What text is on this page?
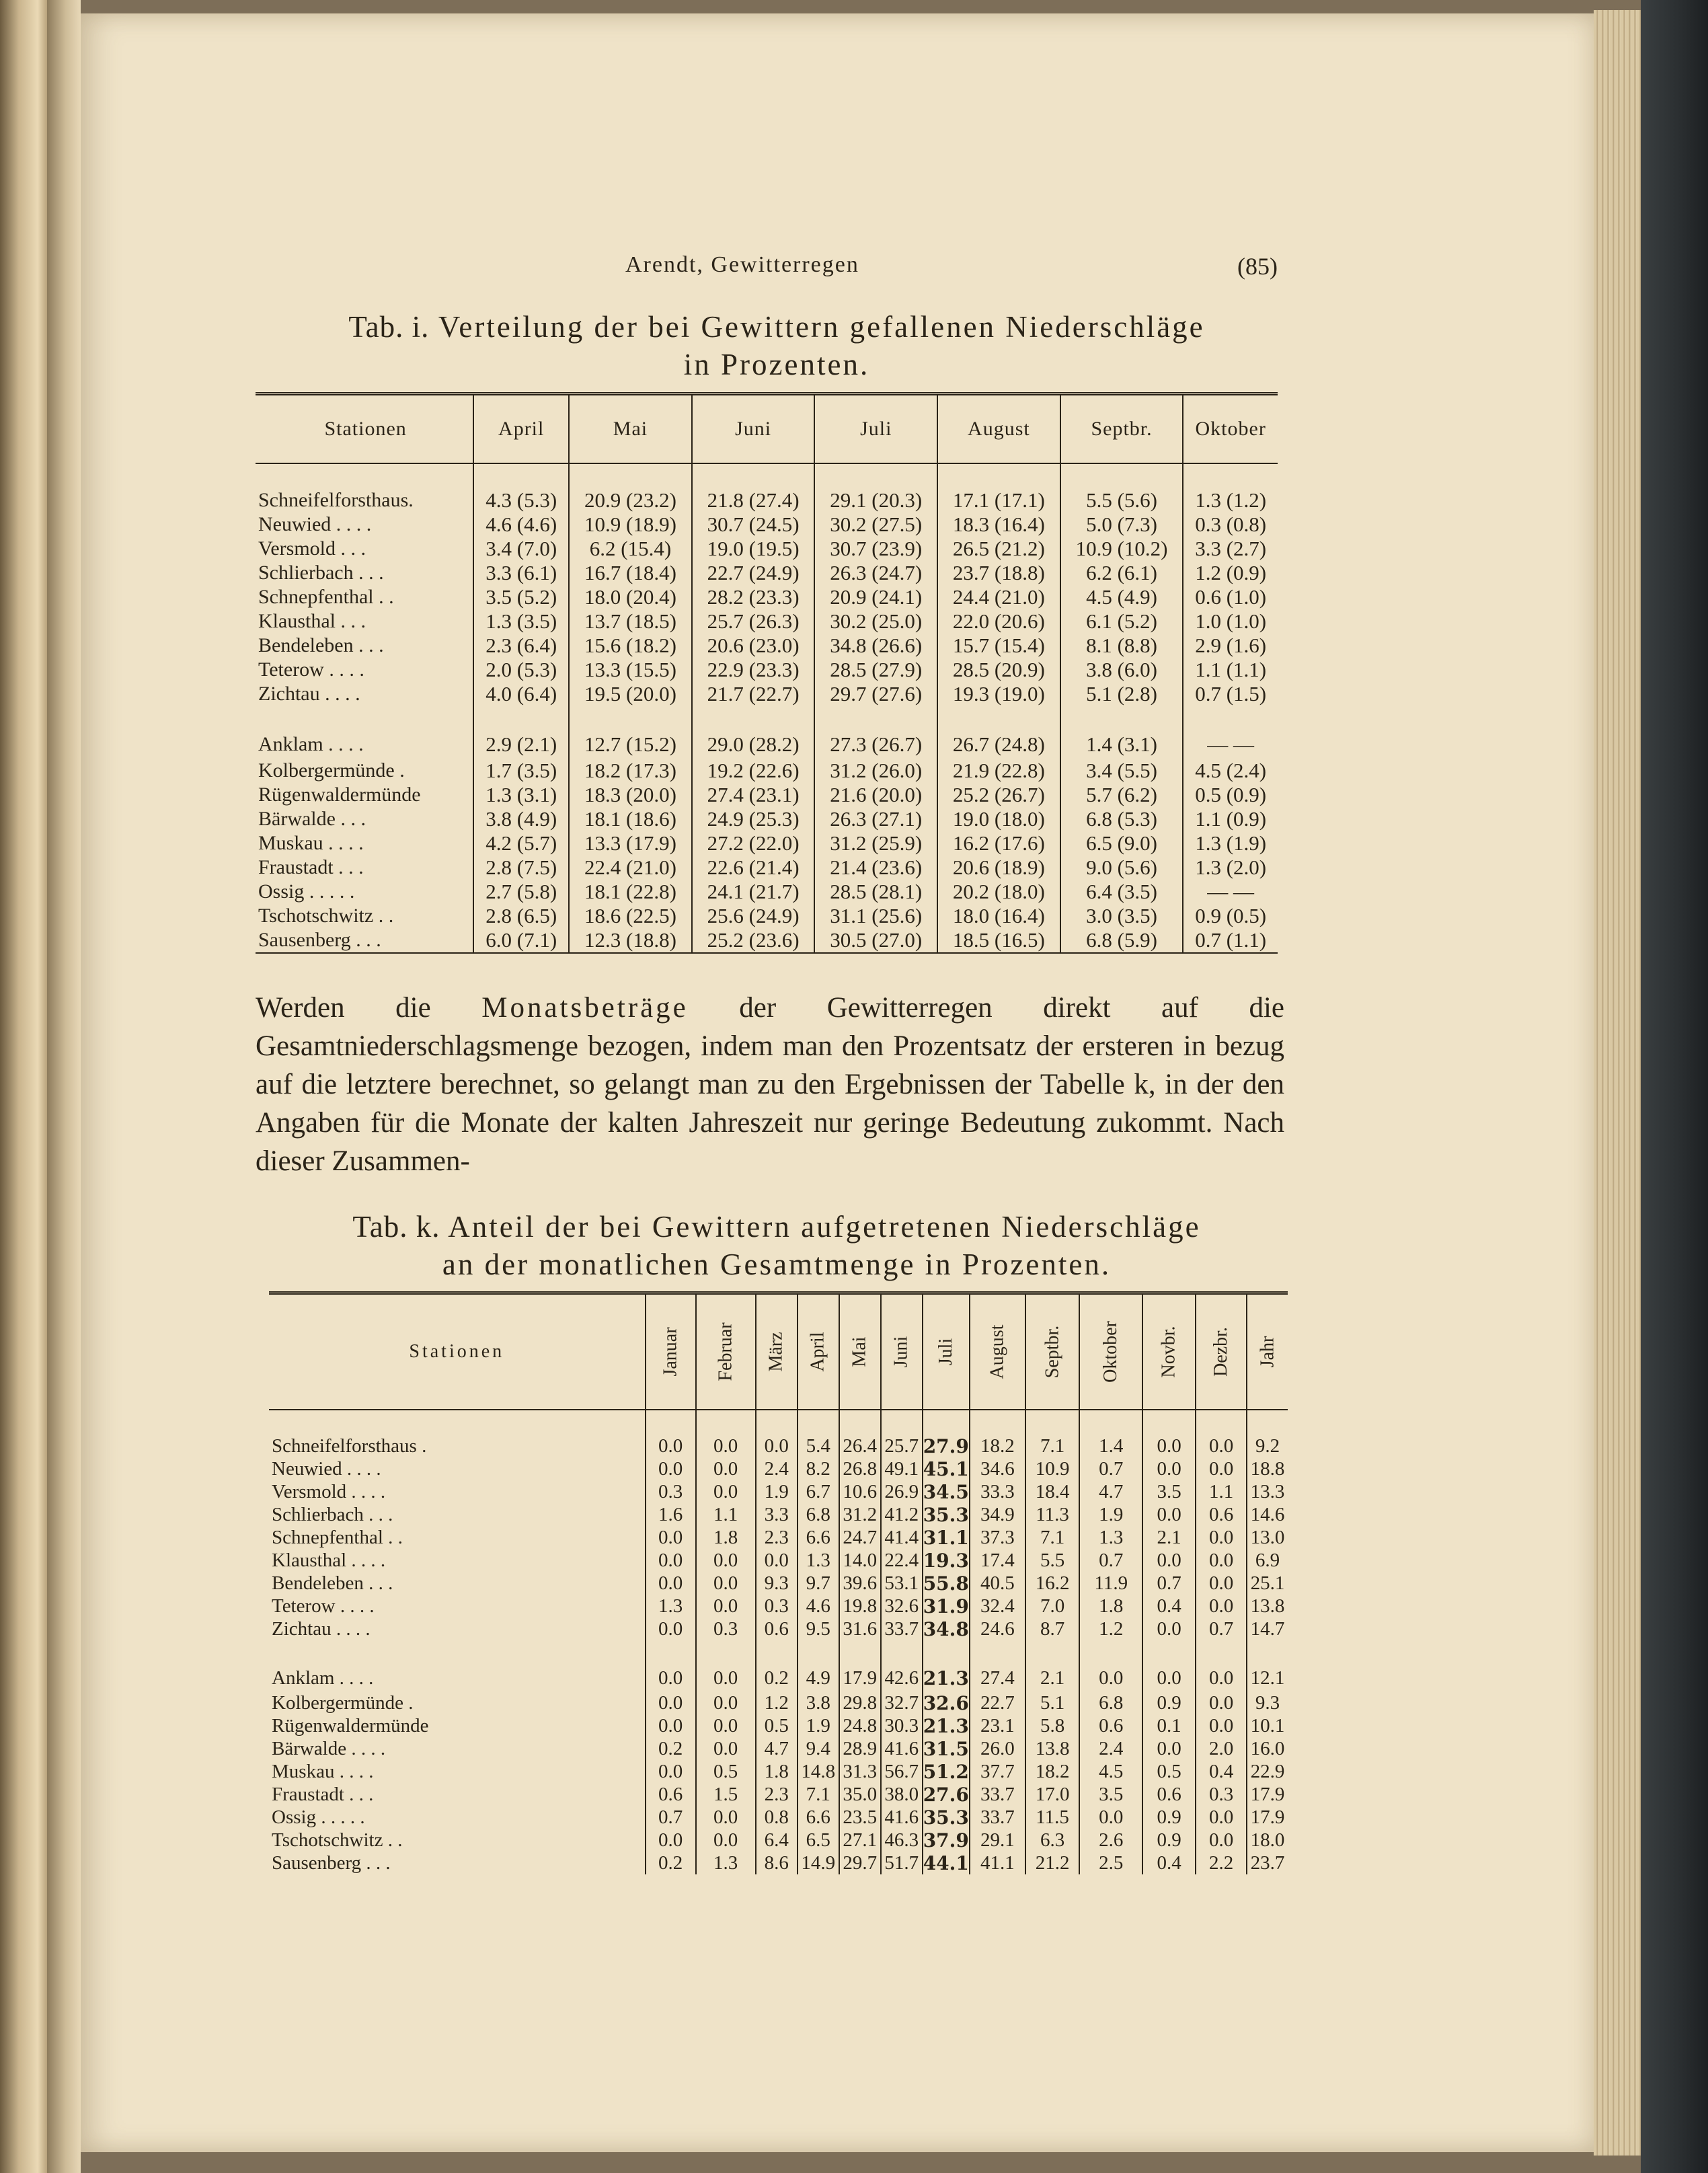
Arendt, Gewitterregen	(85)
Tab. i. Verteilung der bei Gewittern gefallenen Niederschläge
in Prozenten.
Stationen	April	Mai	Juni	Juli	August	Septbr.	Oktober
Schneifelforsthaus.	4.3 (5.3)	20.9 (23.2)	21.8 (27.4)	29.1 (20.3)	17.1 (17.1)	5.5 (5.6)	1.3 (1.2)
Neuwied . . . .	4.6 (4.6)	10.9 (18.9)	30.7 (24.5)	30.2 (27.5)	18.3 (16.4)	5.0 (7.3)	0.3 (0.8)
Versmold . . .	3.4 (7.0)	6.2 (15.4)	19.0 (19.5)	30.7 (23.9)	26.5 (21.2)	10.9 (10.2)	3.3 (2.7)
Schlierbach . . .	3.3 (6.1)	16.7 (18.4)	22.7 (24.9)	26.3 (24.7)	23.7 (18.8)	6.2 (6.1)	1.2 (0.9)
Schnepfenthal . .	3.5 (5.2)	18.0 (20.4)	28.2 (23.3)	20.9 (24.1)	24.4 (21.0)	4.5 (4.9)	0.6 (1.0)
Klausthal . . .	1.3 (3.5)	13.7 (18.5)	25.7 (26.3)	30.2 (25.0)	22.0 (20.6)	6.1 (5.2)	1.0 (1.0)
Bendeleben . . .	2.3 (6.4)	15.6 (18.2)	20.6 (23.0)	34.8 (26.6)	15.7 (15.4)	8.1 (8.8)	2.9 (1.6)
Teterow . . . .	2.0 (5.3)	13.3 (15.5)	22.9 (23.3)	28.5 (27.9)	28.5 (20.9)	3.8 (6.0)	1.1 (1.1)
Zichtau . . . .	4.0 (6.4)	19.5 (20.0)	21.7 (22.7)	29.7 (27.6)	19.3 (19.0)	5.1 (2.8)	0.7 (1.5)
Anklam . . . .	2.9 (2.1)	12.7 (15.2)	29.0 (28.2)	27.3 (26.7)	26.7 (24.8)	1.4 (3.1)	— —
Kolbergermünde .	1.7 (3.5)	18.2 (17.3)	19.2 (22.6)	31.2 (26.0)	21.9 (22.8)	3.4 (5.5)	4.5 (2.4)
Rügenwaldermünde	1.3 (3.1)	18.3 (20.0)	27.4 (23.1)	21.6 (20.0)	25.2 (26.7)	5.7 (6.2)	0.5 (0.9)
Bärwalde . . .	3.8 (4.9)	18.1 (18.6)	24.9 (25.3)	26.3 (27.1)	19.0 (18.0)	6.8 (5.3)	1.1 (0.9)
Muskau . . . .	4.2 (5.7)	13.3 (17.9)	27.2 (22.0)	31.2 (25.9)	16.2 (17.6)	6.5 (9.0)	1.3 (1.9)
Fraustadt . . .	2.8 (7.5)	22.4 (21.0)	22.6 (21.4)	21.4 (23.6)	20.6 (18.9)	9.0 (5.6)	1.3 (2.0)
Ossig . . . . .	2.7 (5.8)	18.1 (22.8)	24.1 (21.7)	28.5 (28.1)	20.2 (18.0)	6.4 (3.5)	— —
Tschotschwitz . .	2.8 (6.5)	18.6 (22.5)	25.6 (24.9)	31.1 (25.6)	18.0 (16.4)	3.0 (3.5)	0.9 (0.5)
Sausenberg . . .	6.0 (7.1)	12.3 (18.8)	25.2 (23.6)	30.5 (27.0)	18.5 (16.5)	6.8 (5.9)	0.7 (1.1)
Werden die Monatsbeträge der Gewitterregen direkt auf die Gesamtniederschlagsmenge bezogen, indem man den Prozentsatz der ersteren in bezug auf die letztere berechnet, so gelangt man zu den Ergebnissen der Tabelle k, in der den Angaben für die Monate der kalten Jahreszeit nur geringe Bedeutung zukommt. Nach dieser Zusammen-
Tab. k. Anteil der bei Gewittern aufgetretenen Niederschläge
an der monatlichen Gesamtmenge in Prozenten.
Stationen	Januar	Februar	März	April	Mai	Juni	Juli	August	Septbr.	Oktober	Novbr.	Dezbr.	Jahr
Schneifelforsthaus .	0.0	0.0	0.0	5.4	26.4	25.7	27.9	18.2	7.1	1.4	0.0	0.0	9.2
Neuwied . . . .	0.0	0.0	2.4	8.2	26.8	49.1	45.1	34.6	10.9	0.7	0.0	0.0	18.8
Versmold . . . .	0.3	0.0	1.9	6.7	10.6	26.9	34.5	33.3	18.4	4.7	3.5	1.1	13.3
Schlierbach . . .	1.6	1.1	3.3	6.8	31.2	41.2	35.3	34.9	11.3	1.9	0.0	0.6	14.6
Schnepfenthal . .	0.0	1.8	2.3	6.6	24.7	41.4	31.1	37.3	7.1	1.3	2.1	0.0	13.0
Klausthal . . . .	0.0	0.0	0.0	1.3	14.0	22.4	19.3	17.4	5.5	0.7	0.0	0.0	6.9
Bendeleben . . .	0.0	0.0	9.3	9.7	39.6	53.1	55.8	40.5	16.2	11.9	0.7	0.0	25.1
Teterow . . . .	1.3	0.0	0.3	4.6	19.8	32.6	31.9	32.4	7.0	1.8	0.4	0.0	13.8
Zichtau . . . .	0.0	0.3	0.6	9.5	31.6	33.7	34.8	24.6	8.7	1.2	0.0	0.7	14.7
Anklam . . . .	0.0	0.0	0.2	4.9	17.9	42.6	21.3	27.4	2.1	0.0	0.0	0.0	12.1
Kolbergermünde .	0.0	0.0	1.2	3.8	29.8	32.7	32.6	22.7	5.1	6.8	0.9	0.0	9.3
Rügenwaldermünde	0.0	0.0	0.5	1.9	24.8	30.3	21.3	23.1	5.8	0.6	0.1	0.0	10.1
Bärwalde . . . .	0.2	0.0	4.7	9.4	28.9	41.6	31.5	26.0	13.8	2.4	0.0	2.0	16.0
Muskau . . . .	0.0	0.5	1.8	14.8	31.3	56.7	51.2	37.7	18.2	4.5	0.5	0.4	22.9
Fraustadt . . .	0.6	1.5	2.3	7.1	35.0	38.0	27.6	33.7	17.0	3.5	0.6	0.3	17.9
Ossig . . . . .	0.7	0.0	0.8	6.6	23.5	41.6	35.3	33.7	11.5	0.0	0.9	0.0	17.9
Tschotschwitz . .	0.0	0.0	6.4	6.5	27.1	46.3	37.9	29.1	6.3	2.6	0.9	0.0	18.0
Sausenberg . . .	0.2	1.3	8.6	14.9	29.7	51.7	44.1	41.1	21.2	2.5	0.4	2.2	23.7
